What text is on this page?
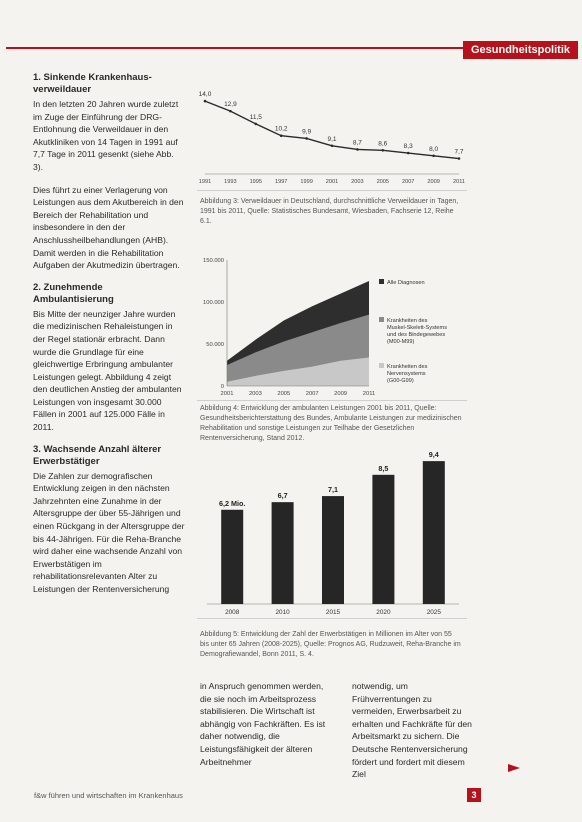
Gesundheitspolitik
1. Sinkende Krankenhaus-verweildauer

In den letzten 20 Jahren wurde zuletzt im Zuge der Einführung der DRG-Entlohnung die Verweildauer in den Akutkliniken von 14 Tagen in 1991 auf 7,7 Tage in 2011 gesenkt (siehe Abb. 3).

Dies führt zu einer Verlagerung von Leistungen aus dem Akutbereich in den Bereich der Rehabilitation und insbesondere in den der Anschlussheilbehandlungen (AHB). Damit werden in die Rehabilitation Aufgaben der Akutmedizin übertragen.

2. Zunehmende Ambulantisierung

Bis Mitte der neunziger Jahre wurden die medizinischen Rehaleistungen in der Regel stationär erbracht. Dann wurde die Grundlage für eine gleichwertige Erbringung ambulanter Leistungen gelegt. Abbildung 4 zeigt den deutlichen Anstieg der ambulanten Leistungen von insgesamt 30.000 Fällen in 2001 auf 125.000 Fälle in 2011.

3. Wachsende Anzahl älterer Erwerbstätiger

Die Zahlen zur demografischen Entwicklung zeigen in den nächsten Jahrzehnten eine Zunahme in der Altersgruppe der über 55-Jährigen und einen Rückgang in der Altersgruppe der bis 44-Jährigen. Für die Reha-Branche wird daher eine wachsende Anzahl von Erwerbstätigen im rehabilitationsrelevanten Alter zu Leistungen der Rentenversicherung

14,0
12,9
11,5
10,2 9,9
9,1
8,7	8,6	8,3	8,0	7,7
1991 1993 1995 1997 1999 2001 2003 2005 2007 2009 2011
Abbildung 3: Verweildauer in Deutschland, durchschnittliche Verweildauer in Tagen, 1991 bis 2011, Quelle: Statistisches Bundesamt, Wiesbaden, Fachserie 12, Reihe 6.1.
0
50.000
100.000
150.000
2001	2003	2005	2007	2009	2011
Alle Diagnosen
Krankheiten des
Muskel-Skelett-Systems
und des Bindegewebes
(M00-M99)
Krankheiten des
Nervensystems
(G00-G99)
Abbildung 4: Entwicklung der ambulanten Leistungen 2001 bis 2011, Quelle: Gesundheitsberichterstattung des Bundes, Ambulante Leistungen zur medizinischen Rehabilitation und sonstige Leistungen zur Teilhabe der Gesetzlichen Rentenversicherung, Stand 2012.
6,2 Mio.
2008
6,7
2010
7,1
2015
8,5
2020
9,4
2025
Abbildung 5: Entwicklung der Zahl der Erwerbstätigen in Millionen im Alter von 55 bis unter 65 Jahren (2008-2025), Quelle: Prognos AG, Rudzuweit, Reha-Branche im Demografiewandel, Bonn 2011, S. 4.
in Anspruch genommen werden, die sie noch im Arbeitsprozess stabilisieren. Die Wirtschaft ist abhängig von Fachkräften. Es ist daher notwendig, die Leistungsfähigkeit der älteren Arbeitnehmer
notwendig, um Frühverrentungen zu vermeiden, Erwerbsarbeit zu erhalten und Fachkräfte für den Arbeitsmarkt zu sichern. Die Deutsche Rentenversicherung fördert und fordert mit diesem Ziel
f&w führen und wirtschaften im Krankenhaus	3
